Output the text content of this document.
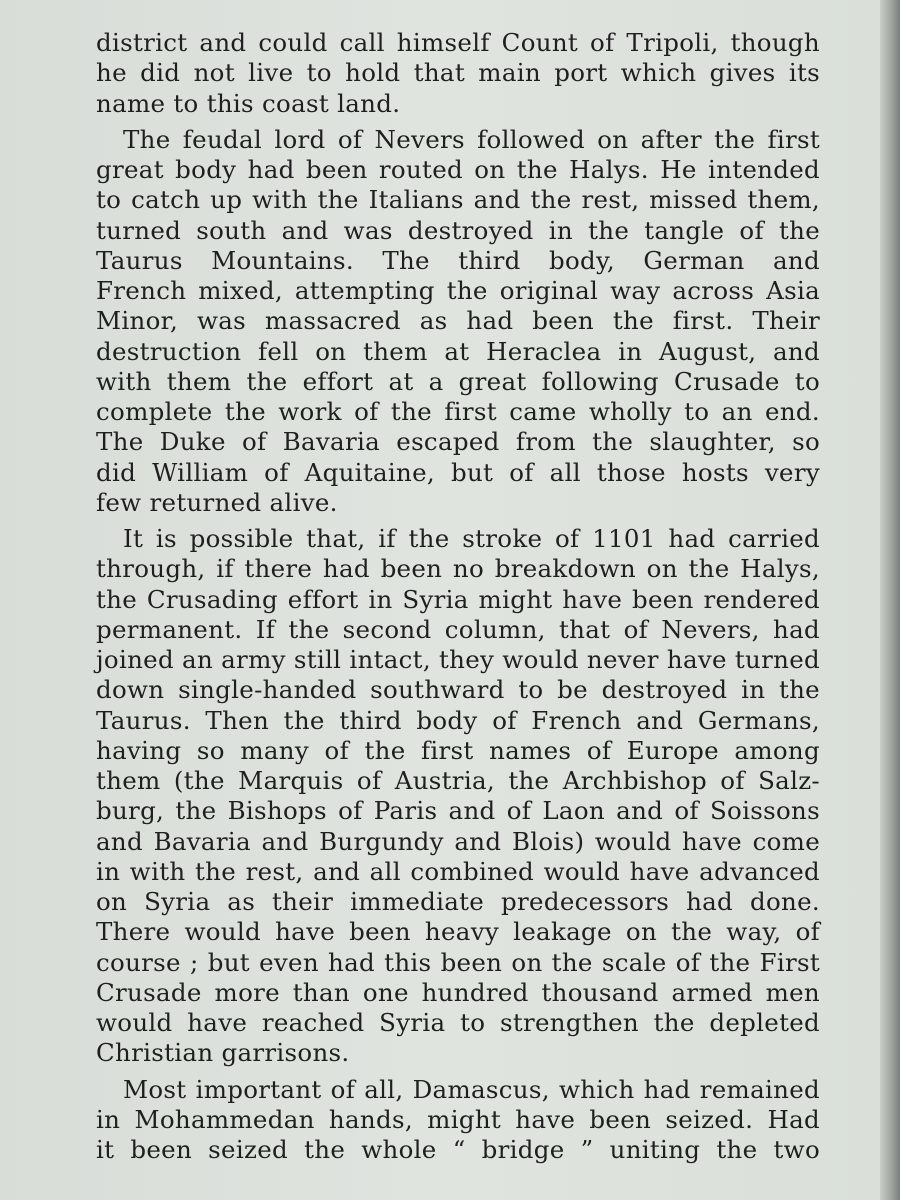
district and could call himself Count of Tripoli, though
he did not live to hold that main port which gives its
name to this coast land.
The feudal lord of Nevers followed on after the first
great body had been routed on the Halys. He intended
to catch up with the Italians and the rest, missed them,
turned south and was destroyed in the tangle of the
Taurus Mountains. The third body, German and
French mixed, attempting the original way across Asia
Minor, was massacred as had been the first. Their
destruction fell on them at Heraclea in August, and
with them the effort at a great following Crusade to
complete the work of the first came wholly to an end.
The Duke of Bavaria escaped from the slaughter, so
did William of Aquitaine, but of all those hosts very
few returned alive.
It is possible that, if the stroke of 1101 had carried
through, if there had been no breakdown on the Halys,
the Crusading effort in Syria might have been rendered
permanent. If the second column, that of Nevers, had
joined an army still intact, they would never have turned
down single-handed southward to be destroyed in the
Taurus. Then the third body of French and Germans,
having so many of the first names of Europe among
them (the Marquis of Austria, the Archbishop of Salz-
burg, the Bishops of Paris and of Laon and of Soissons
and Bavaria and Burgundy and Blois) would have come
in with the rest, and all combined would have advanced
on Syria as their immediate predecessors had done.
There would have been heavy leakage on the way, of
course ; but even had this been on the scale of the First
Crusade more than one hundred thousand armed men
would have reached Syria to strengthen the depleted
Christian garrisons.
Most important of all, Damascus, which had remained
in Mohammedan hands, might have been seized. Had
it been seized the whole “ bridge ” uniting the two
